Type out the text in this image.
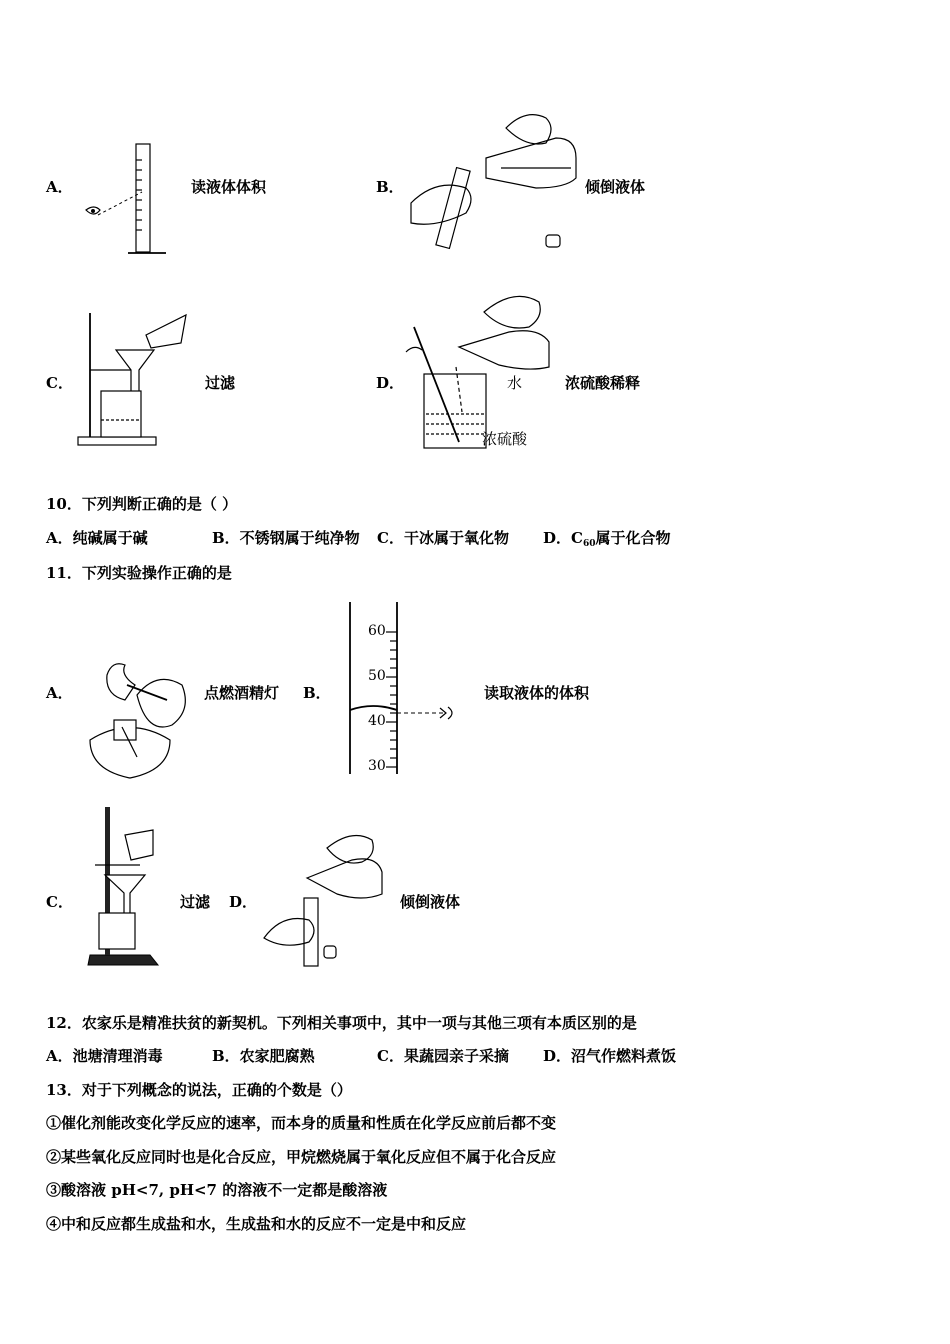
A．	读液体体积	B．	倾倒液体
C．	过滤	D．	水
浓硫酸
浓硫酸稀释
10．下列判断正确的是（ ）
A．纯碱属于碱	B．不锈钢属于纯净物 C．干冰属于氧化物 D．$C_{60}$属于化合物
11．下列实验操作正确的是
A．	点燃酒精灯 B．
60
50
40
30
读取液体的体积
C．	过滤 D．	倾倒液体
12．农家乐是精准扶贫的新契机。下列相关事项中，其中一项与其他三项有本质区别的是
A．池塘清理消毒	B．农家肥腐熟	C．果蔬园亲子采摘 D．沼气作燃料煮饭
13．对于下列概念的说法，正确的个数是（）
①催化剂能改变化学反应的速率，而本身的质量和性质在化学反应前后都不变
②某些氧化反应同时也是化合反应，甲烷燃烧属于氧化反应但不属于化合反应
③酸溶液 pH<7, pH<7 的溶液不一定都是酸溶液
④中和反应都生成盐和水，生成盐和水的反应不一定是中和反应
